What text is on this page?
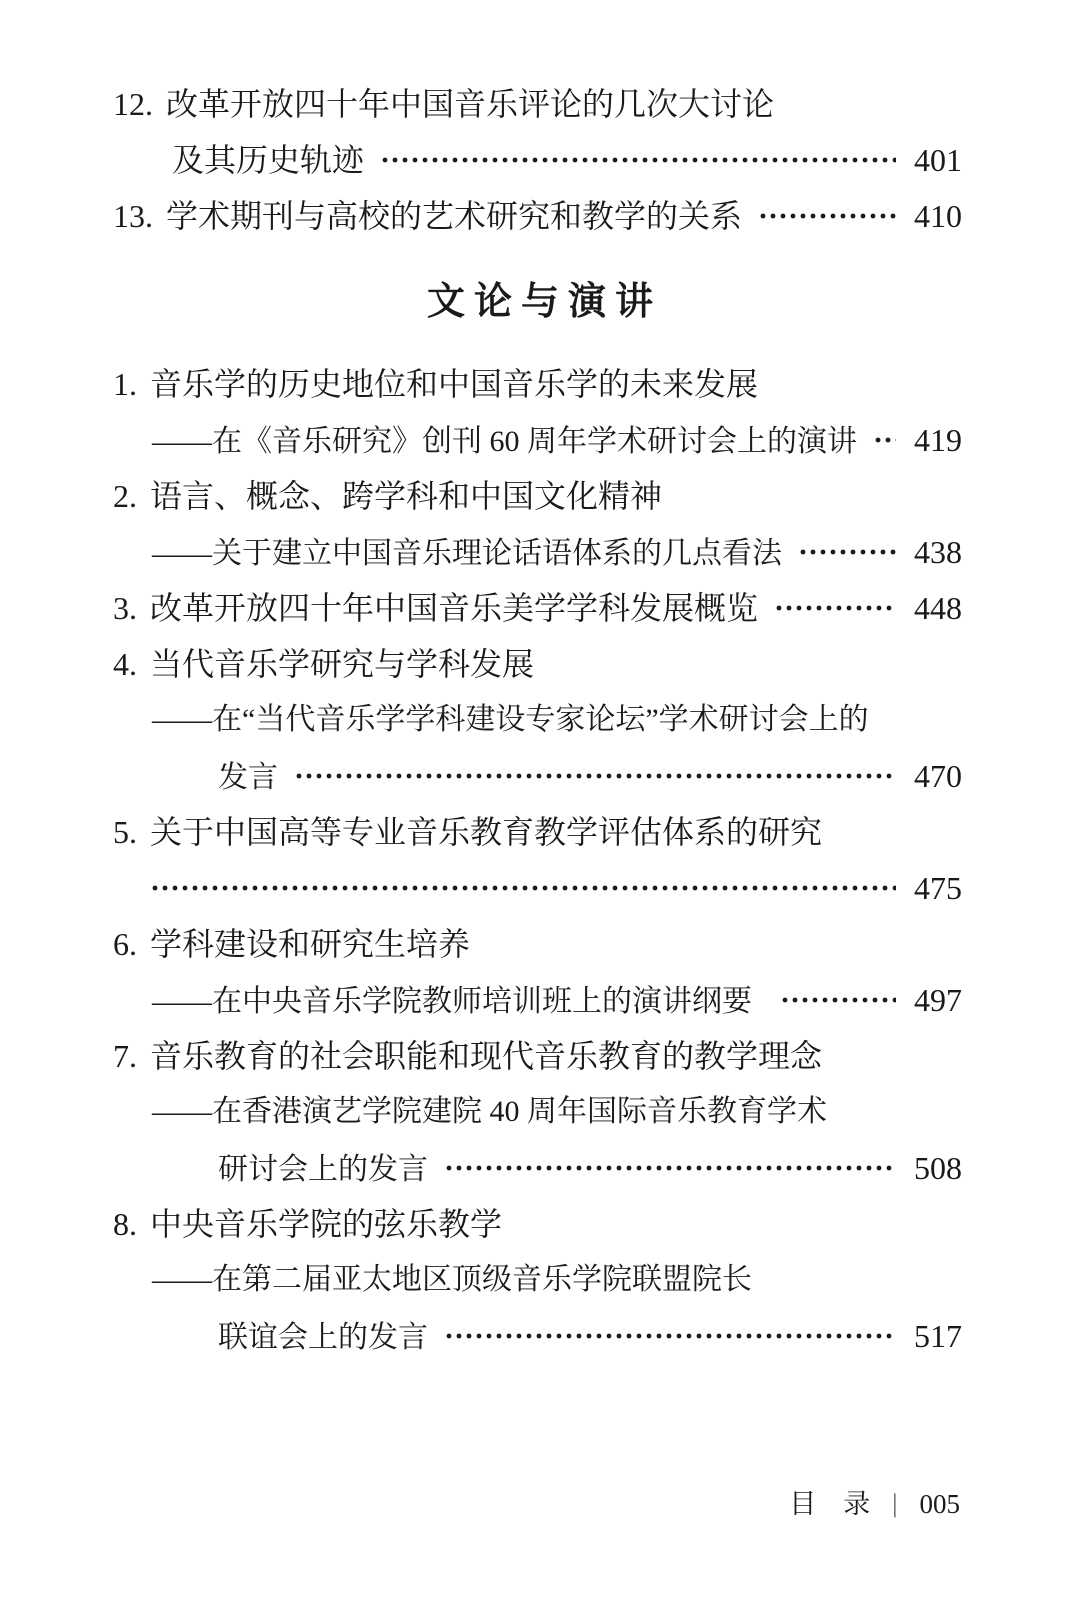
12. 改革开放四十年中国音乐评论的几次大讨论
及其历史轨迹	401
13. 学术期刊与高校的艺术研究和教学的关系	410
文论与演讲
1. 音乐学的历史地位和中国音乐学的未来发展
——在《音乐研究》创刊 60 周年学术研讨会上的演讲 419
2. 语言、概念、跨学科和中国文化精神
——关于建立中国音乐理论话语体系的几点看法	438
3. 改革开放四十年中国音乐美学学科发展概览	448
4. 当代音乐学研究与学科发展
——在“当代音乐学学科建设专家论坛”学术研讨会上的
发言	470
5. 关于中国高等专业音乐教育教学评估体系的研究
475
6. 学科建设和研究生培养
——在中央音乐学院教师培训班上的演讲纲要	497
7. 音乐教育的社会职能和现代音乐教育的教学理念
——在香港演艺学院建院 40 周年国际音乐教育学术
研讨会上的发言	508
8. 中央音乐学院的弦乐教学
——在第二届亚太地区顶级音乐学院联盟院长
联谊会上的发言	517
目　录 | 005
